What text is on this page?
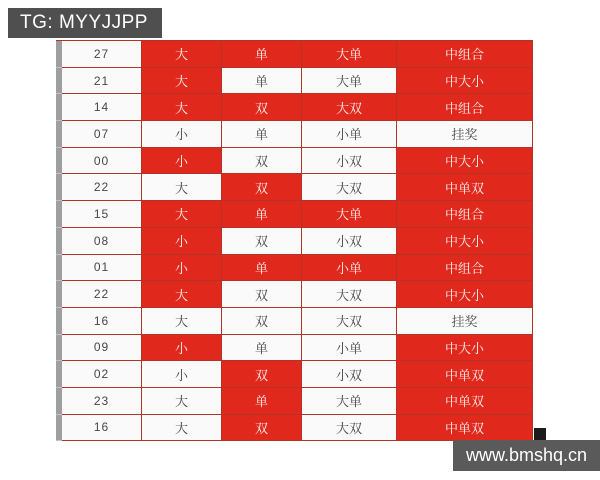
TG: MYYJJPP
27	大	单	大单	中组合
21	大	单	大单	中大小
14	大	双	大双	中组合
07	小	单	小单	挂奖
00	小	双	小双	中大小
22	大	双	大双	中单双
15	大	单	大单	中组合
08	小	双	小双	中大小
01	小	单	小单	中组合
22	大	双	大双	中大小
16	大	双	大双	挂奖
09	小	单	小单	中大小
02	小	双	小双	中单双
23	大	单	大单	中单双
16	大	双	大双	中单双
www.bmshq.cn
